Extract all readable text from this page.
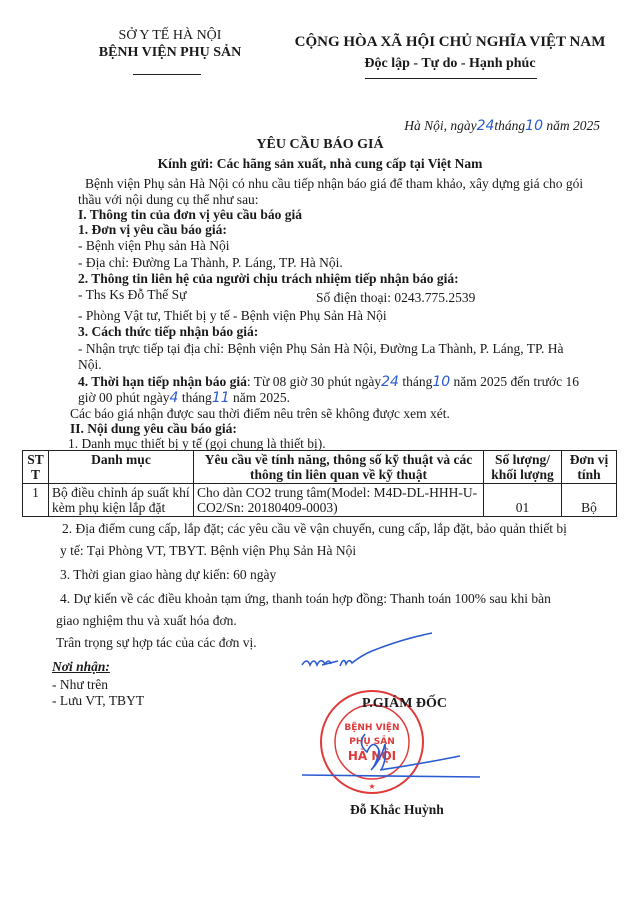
SỞ Y TẾ HÀ NỘI
BỆNH VIỆN PHỤ SẢN
CỘNG HÒA XÃ HỘI CHỦ NGHĨA VIỆT NAM
Độc lập - Tự do - Hạnh phúc
Hà Nội, ngày24tháng10 năm 2025
YÊU CẦU BÁO GIÁ
Kính gửi: Các hãng sản xuất, nhà cung cấp tại Việt Nam
Bệnh viện Phụ sản Hà Nội có nhu cầu tiếp nhận báo giá để tham khảo, xây dựng giá cho gói
thầu với nội dung cụ thể như sau:
I. Thông tin của đơn vị yêu cầu báo giá
1. Đơn vị yêu cầu báo giá:
- Bệnh viện Phụ sản Hà Nội
- Địa chỉ: Đường La Thành, P. Láng, TP. Hà Nội.
2. Thông tin liên hệ của người chịu trách nhiệm tiếp nhận báo giá:
- Ths Ks Đỗ Thế Sự	Số điện thoại: 0243.775.2539
- Phòng Vật tư, Thiết bị y tế - Bệnh viện Phụ Sản Hà Nội
3. Cách thức tiếp nhận báo giá:
- Nhận trực tiếp tại địa chỉ: Bệnh viện Phụ Sản Hà Nội, Đường La Thành, P. Láng, TP. Hà
Nội.
4. Thời hạn tiếp nhận báo giá: Từ 08 giờ 30 phút ngày24 tháng10 năm 2025 đến trước 16
giờ 00 phút ngày4 tháng11 năm 2025.
Các báo giá nhận được sau thời điểm nêu trên sẽ không được xem xét.
II. Nội dung yêu cầu báo giá:
1. Danh mục thiết bị y tế (gọi chung là thiết bị).
STT	Danh mục	Yêu cầu về tính năng, thông số kỹ thuật và các thông tin liên quan về kỹ thuật	Số lượng/ khối lượng	Đơn vị tính
1	Bộ điều chỉnh áp suất khí kèm phụ kiện lắp đặt	Cho dàn CO2 trung tâm(Model: M4D-DL-HHH-U-CO2/Sn: 20180409-0003)	01	Bộ
2. Địa điểm cung cấp, lắp đặt; các yêu cầu về vận chuyển, cung cấp, lắp đặt, bảo quản thiết bị
y tế: Tại Phòng VT, TBYT. Bệnh viện Phụ Sản Hà Nội
3. Thời gian giao hàng dự kiến: 60 ngày
4. Dự kiến về các điều khoản tạm ứng, thanh toán hợp đồng: Thanh toán 100% sau khi bàn
giao nghiệm thu và xuất hóa đơn.
Trân trọng sự hợp tác của các đơn vị.
Nơi nhận:
- Như trên
- Lưu VT, TBYT
BỆNH VIỆN
PHỤ SẢN
HÀ NỘI
★
P.GIÁM ĐỐC
Đỗ Khắc Huỳnh
